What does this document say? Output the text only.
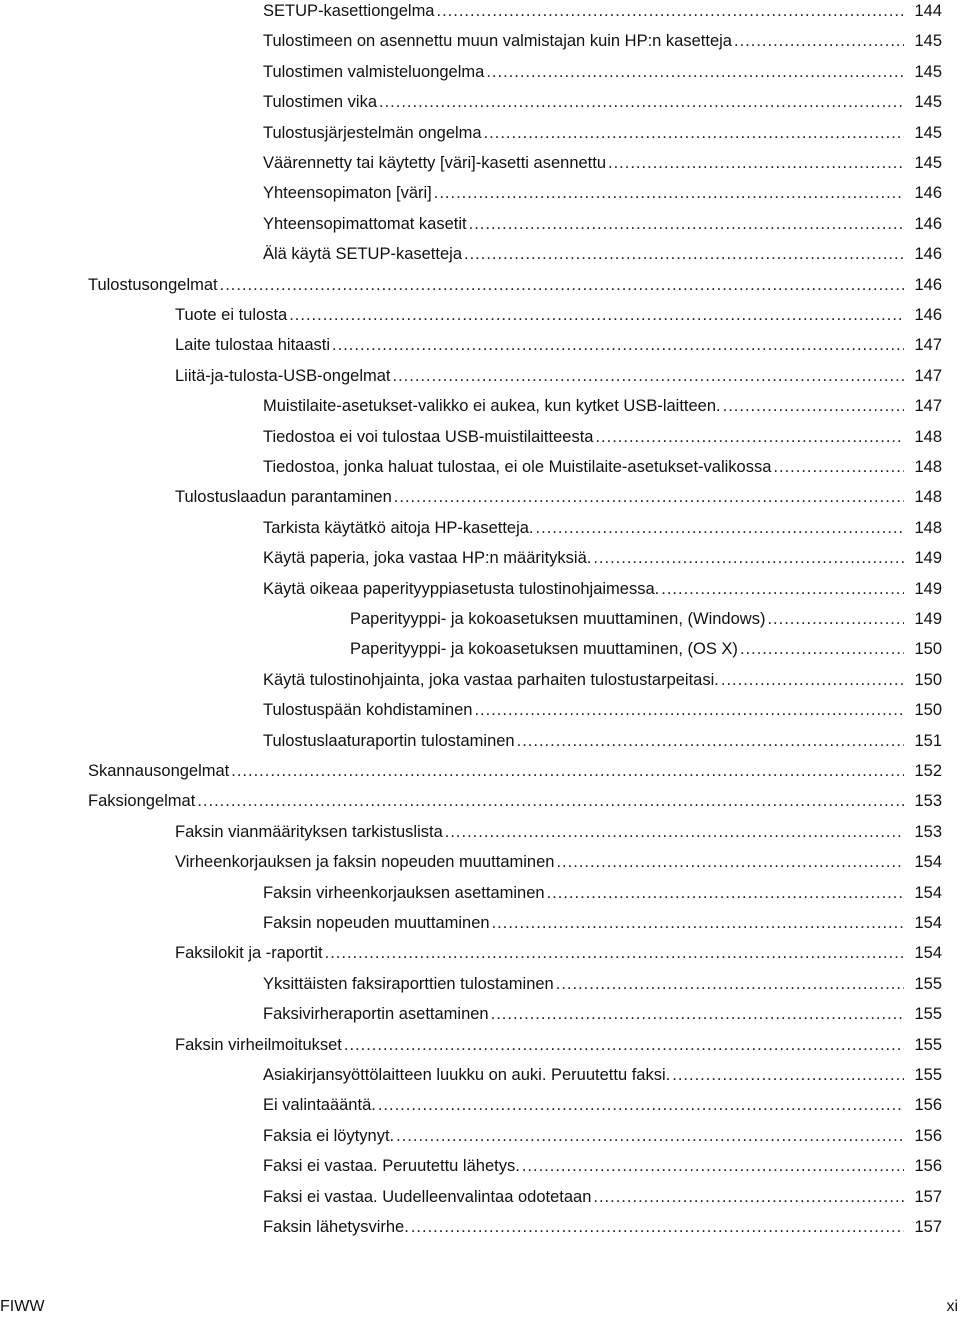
SETUP-kasettiongelma .....	144
Tulostimeen on asennettu muun valmistajan kuin HP:n kasetteja .....	145
Tulostimen valmisteluongelma .....	145
Tulostimen vika .....	145
Tulostusjärjestelmän ongelma .....	145
Väärennetty tai käytetty [väri]-kasetti asennettu .....	145
Yhteensopimaton [väri] .....	146
Yhteensopimattomat kasetit .....	146
Älä käytä SETUP-kasetteja .....	146
Tulostusongelmat .....	146
Tuote ei tulosta .....	146
Laite tulostaa hitaasti .....	147
Liitä-ja-tulosta-USB-ongelmat .....	147
Muistilaite-asetukset-valikko ei aukea, kun kytket USB-laitteen. .....	147
Tiedostoa ei voi tulostaa USB-muistilaitteesta .....	148
Tiedostoa, jonka haluat tulostaa, ei ole Muistilaite-asetukset-valikossa .....	148
Tulostuslaadun parantaminen .....	148
Tarkista käytätkö aitoja HP-kasetteja. .....	148
Käytä paperia, joka vastaa HP:n määrityksiä. .....	149
Käytä oikeaa paperityyppiasetusta tulostinohjaimessa. .....	149
Paperityyppi- ja kokoasetuksen muuttaminen, (Windows) .....	149
Paperityyppi- ja kokoasetuksen muuttaminen, (OS X) .....	150
Käytä tulostinohjainta, joka vastaa parhaiten tulostustarpeitasi. .....	150
Tulostuspään kohdistaminen .....	150
Tulostuslaaturaportin tulostaminen .....	151
Skannausongelmat .....	152
Faksiongelmat .....	153
Faksin vianmäärityksen tarkistuslista .....	153
Virheenkorjauksen ja faksin nopeuden muuttaminen .....	154
Faksin virheenkorjauksen asettaminen .....	154
Faksin nopeuden muuttaminen .....	154
Faksilokit ja -raportit .....	154
Yksittäisten faksiraporttien tulostaminen .....	155
Faksivirheraportin asettaminen .....	155
Faksin virheilmoitukset .....	155
Asiakirjansyöttölaitteen luukku on auki. Peruutettu faksi. .....	155
Ei valintaääntä. .....	156
Faksia ei löytynyt. .....	156
Faksi ei vastaa. Peruutettu lähetys. .....	156
Faksi ei vastaa. Uudelleenvalintaa odotetaan .....	157
Faksin lähetysvirhe. .....	157
FIWW	xi
